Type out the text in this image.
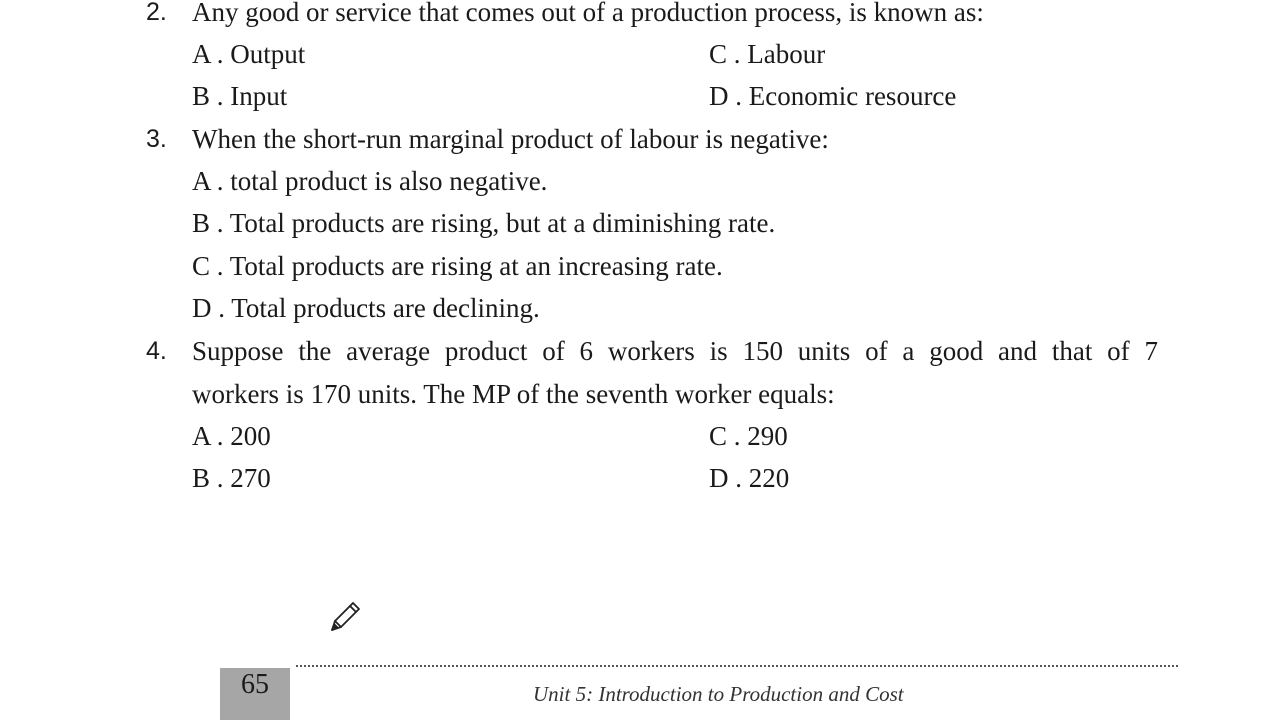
2. Any good or service that comes out of a production process, is known as:
A . Output	C . Labour
B . Input	D . Economic resource
3. When the short-run marginal product of labour is negative:
A . total product is also negative.
B . Total products are rising, but at a diminishing rate.
C . Total products are rising at an increasing rate.
D . Total products are declining.
4. Suppose the average product of 6 workers is 150 units of a good and that of 7
workers is 170 units. The MP of the seventh worker equals:
A . 200	C . 290
B . 270	D . 220
65	Unit 5: Introduction to Production and Cost
